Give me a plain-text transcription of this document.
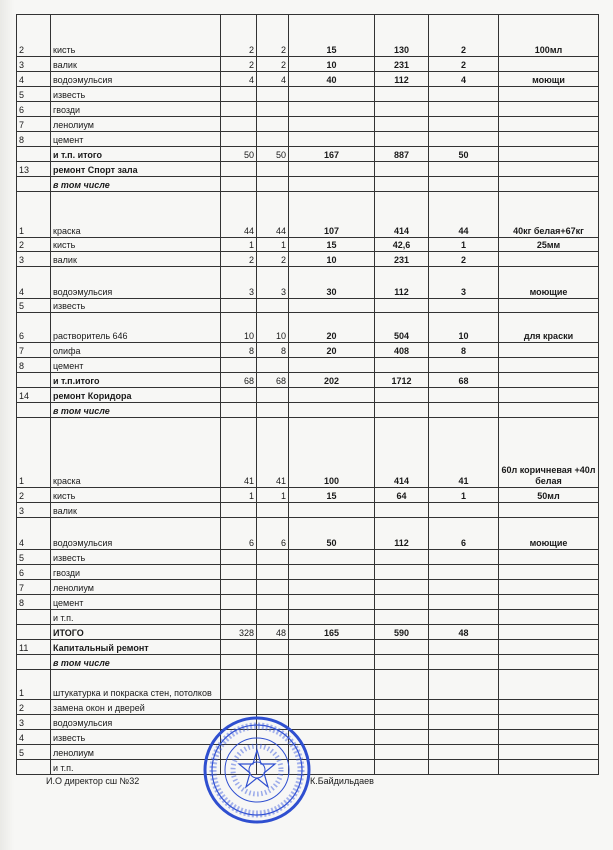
2	кисть	2	2	15	130	2	100мл
3	валик	2	2	10	231	2	
4	водоэмульсия	4	4	40	112	4	моющи
5	известь						
6	гвозди						
7	ленолиум						
8	цемент						
	и т.п. итого	50	50	167	887	50	
13	ремонт Спорт зала						
	в том числе						
1	краска	44	44	107	414	44	40кг белая+67кг
2	кисть	1	1	15	42,6	1	25мм
3	валик	2	2	10	231	2	
4	водоэмульсия	3	3	30	112	3	моющие
5	известь						
6	растворитель 646	10	10	20	504	10	для краски
7	олифа	8	8	20	408	8	
8	цемент						
	и т.п.итого	68	68	202	1712	68	
14	ремонт Коридора						
	в том числе						
1	краска	41	41	100	414	41	60л коричневая +40л белая
2	кисть	1	1	15	64	1	50мл
3	валик						
4	водоэмульсия	6	6	50	112	6	моющие
5	известь						
6	гвозди						
7	ленолиум						
8	цемент						
	и т.п.						
	ИТОГО	328	48	165	590	48	
11	Капитальный ремонт						
	в том числе						
1	штукатурка и покраска стен, потолков						
2	замена окон и дверей						
3	водоэмульсия						
4	известь						
5	ленолиум						
	и т.п.						
И.О директор сш №32	К.Байдильдаев
